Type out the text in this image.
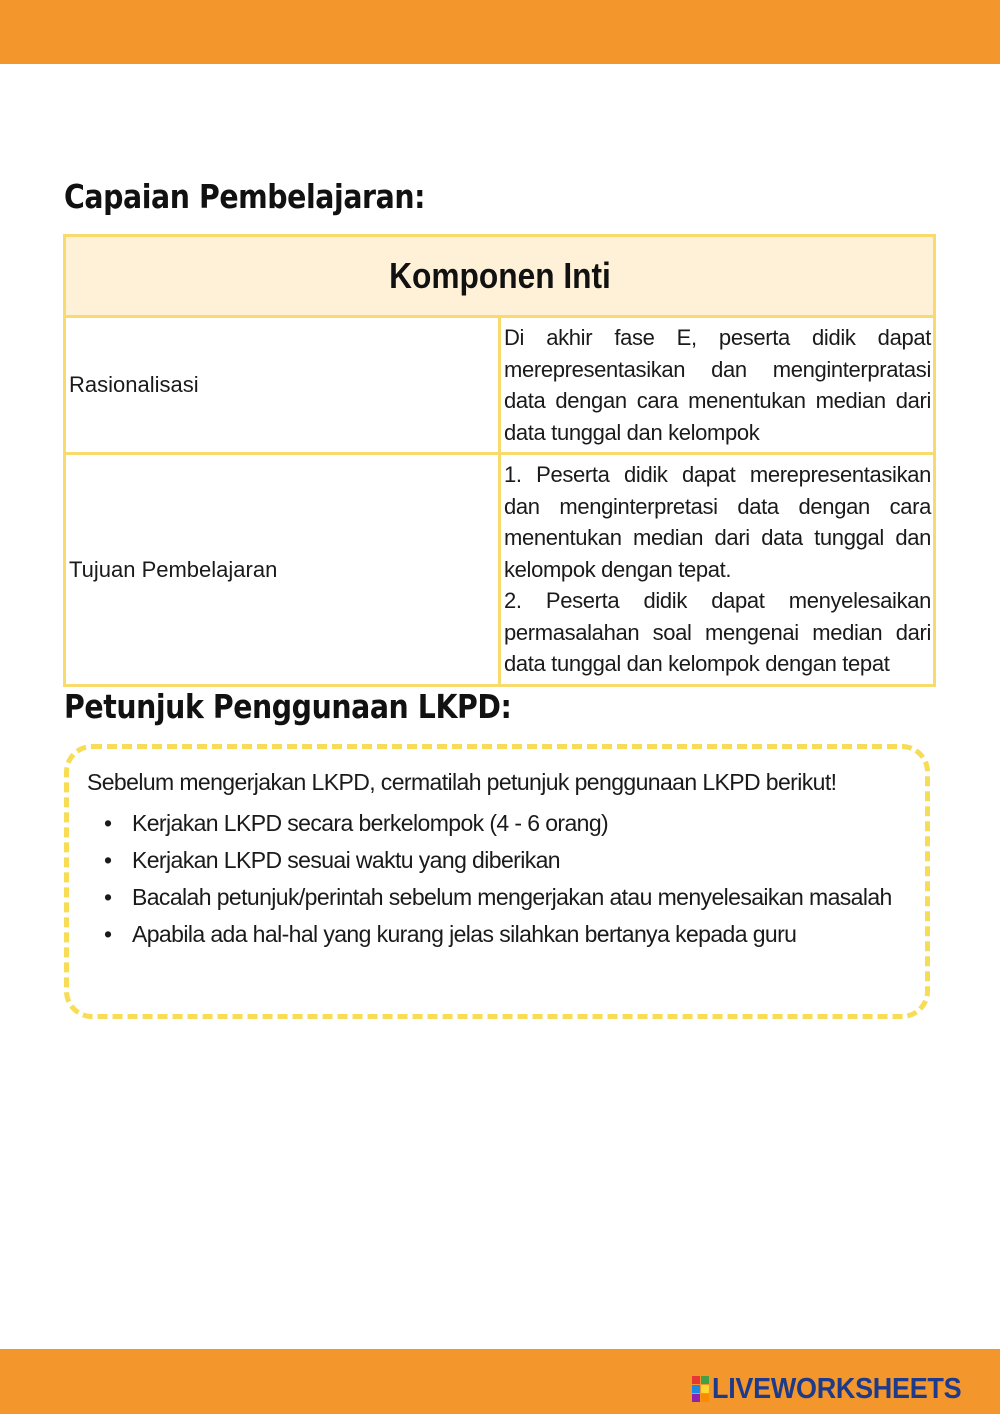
Capaian Pembelajaran:
Komponen Inti	
Rasionalisasi	Di akhir fase E, peserta didik dapat merepresentasikan dan menginterpratasi data dengan cara menentukan median dari data tunggal dan kelompok
Tujuan Pembelajaran	1. Peserta didik dapat merepresentasikan dan menginterpretasi data dengan cara menentukan median dari data tunggal dan kelompok dengan tepat.
2. Peserta didik dapat menyelesaikan permasalahan soal mengenai median dari data tunggal dan kelompok dengan tepat
Petunjuk Penggunaan LKPD:

Sebelum mengerjakan LKPD, cermatilah petunjuk penggunaan LKPD berikut!

• Kerjakan LKPD secara berkelompok (4 - 6 orang)
• Kerjakan LKPD sesuai waktu yang diberikan
• Bacalah petunjuk/perintah sebelum mengerjakan atau menyelesaikan masalah
• Apabila ada hal-hal yang kurang jelas silahkan bertanya kepada guru
LIVEWORKSHEETS
